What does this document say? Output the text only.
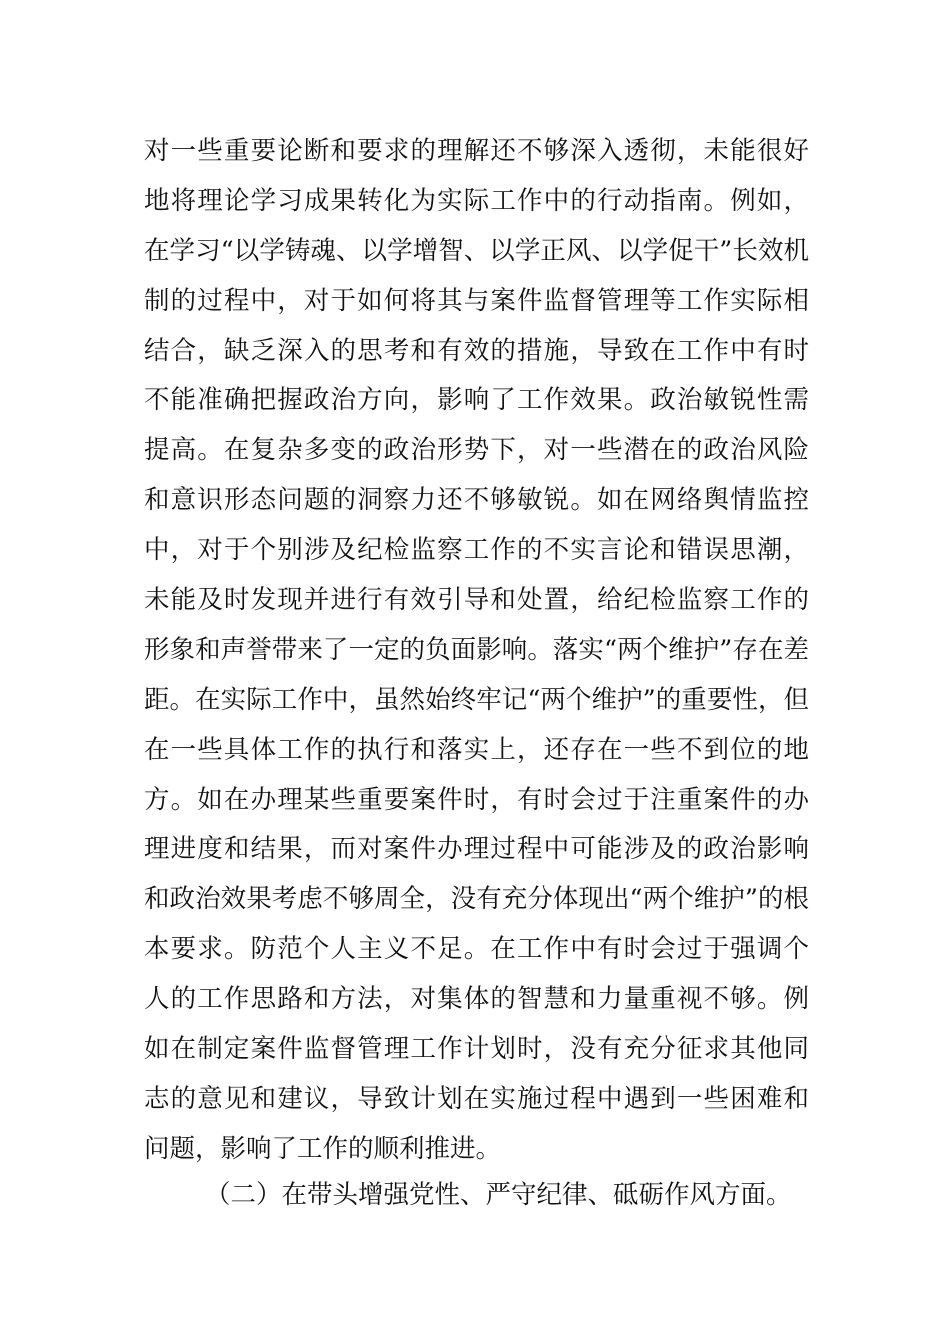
对一些重要论断和要求的理解还不够深入透彻，未能很好
地将理论学习成果转化为实际工作中的行动指南。例如，
在学习“以学铸魂、以学增智、以学正风、以学促干”长效机
制的过程中，对于如何将其与案件监督管理等工作实际相
结合，缺乏深入的思考和有效的措施，导致在工作中有时
不能准确把握政治方向，影响了工作效果。政治敏锐性需
提高。在复杂多变的政治形势下，对一些潜在的政治风险
和意识形态问题的洞察力还不够敏锐。如在网络舆情监控
中，对于个别涉及纪检监察工作的不实言论和错误思潮，
未能及时发现并进行有效引导和处置，给纪检监察工作的
形象和声誉带来了一定的负面影响。落实“两个维护”存在差
距。在实际工作中，虽然始终牢记“两个维护”的重要性，但
在一些具体工作的执行和落实上，还存在一些不到位的地
方。如在办理某些重要案件时，有时会过于注重案件的办
理进度和结果，而对案件办理过程中可能涉及的政治影响
和政治效果考虑不够周全，没有充分体现出“两个维护”的根
本要求。防范个人主义不足。在工作中有时会过于强调个
人的工作思路和方法，对集体的智慧和力量重视不够。例
如在制定案件监督管理工作计划时，没有充分征求其他同
志的意见和建议，导致计划在实施过程中遇到一些困难和
问题，影响了工作的顺利推进。

（二）在带头增强党性、严守纪律、砥砺作风方面。
